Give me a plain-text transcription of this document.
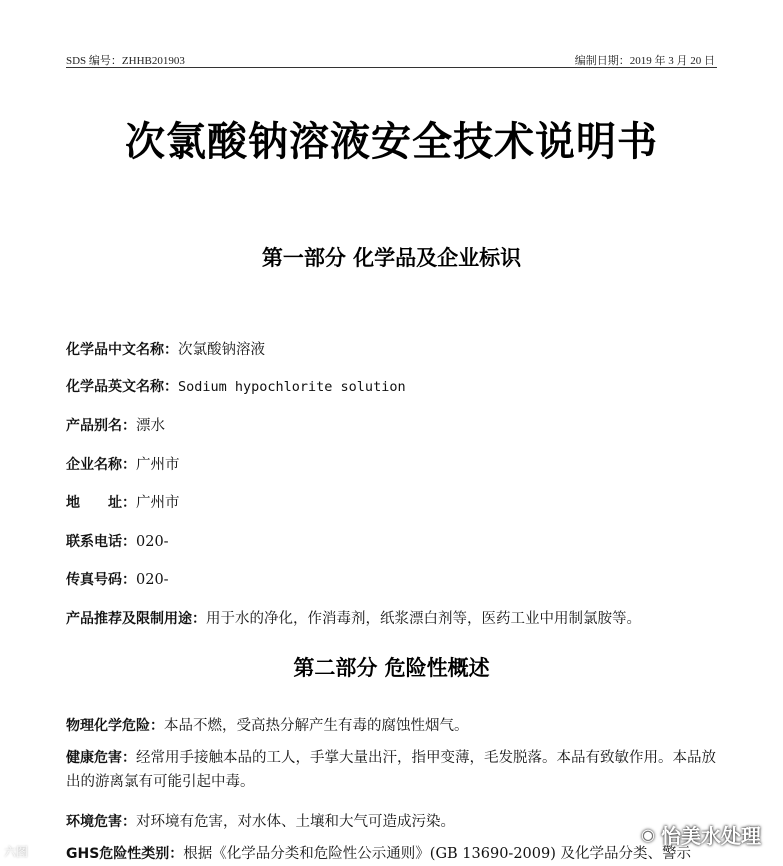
SDS 编号：ZHHB201903	编制日期：2019 年 3 月 20 日
次氯酸钠溶液安全技术说明书
第一部分 化学品及企业标识
化学品中文名称：次氯酸钠溶液
化学品英文名称：Sodium hypochlorite solution
产品别名：漂水
企业名称：广州市
地　　址：广州市
联系电话：020-
传真号码：020-
产品推荐及限制用途：用于水的净化，作消毒剂，纸浆漂白剂等，医药工业中用制氯胺等。
第二部分 危险性概述
物理化学危险：本品不燃，受高热分解产生有毒的腐蚀性烟气。
健康危害：经常用手接触本品的工人，手掌大量出汗，指甲变薄，毛发脱落。本品有致敏作用。本品放出的游离氯有可能引起中毒。
环境危害：对环境有危害，对水体、土壤和大气可造成污染。
GHS危险性类别：根据《化学品分类和危险性公示通则》(GB 13690-2009) 及化学品分类、警示
六图
◉ 怡美水处理
